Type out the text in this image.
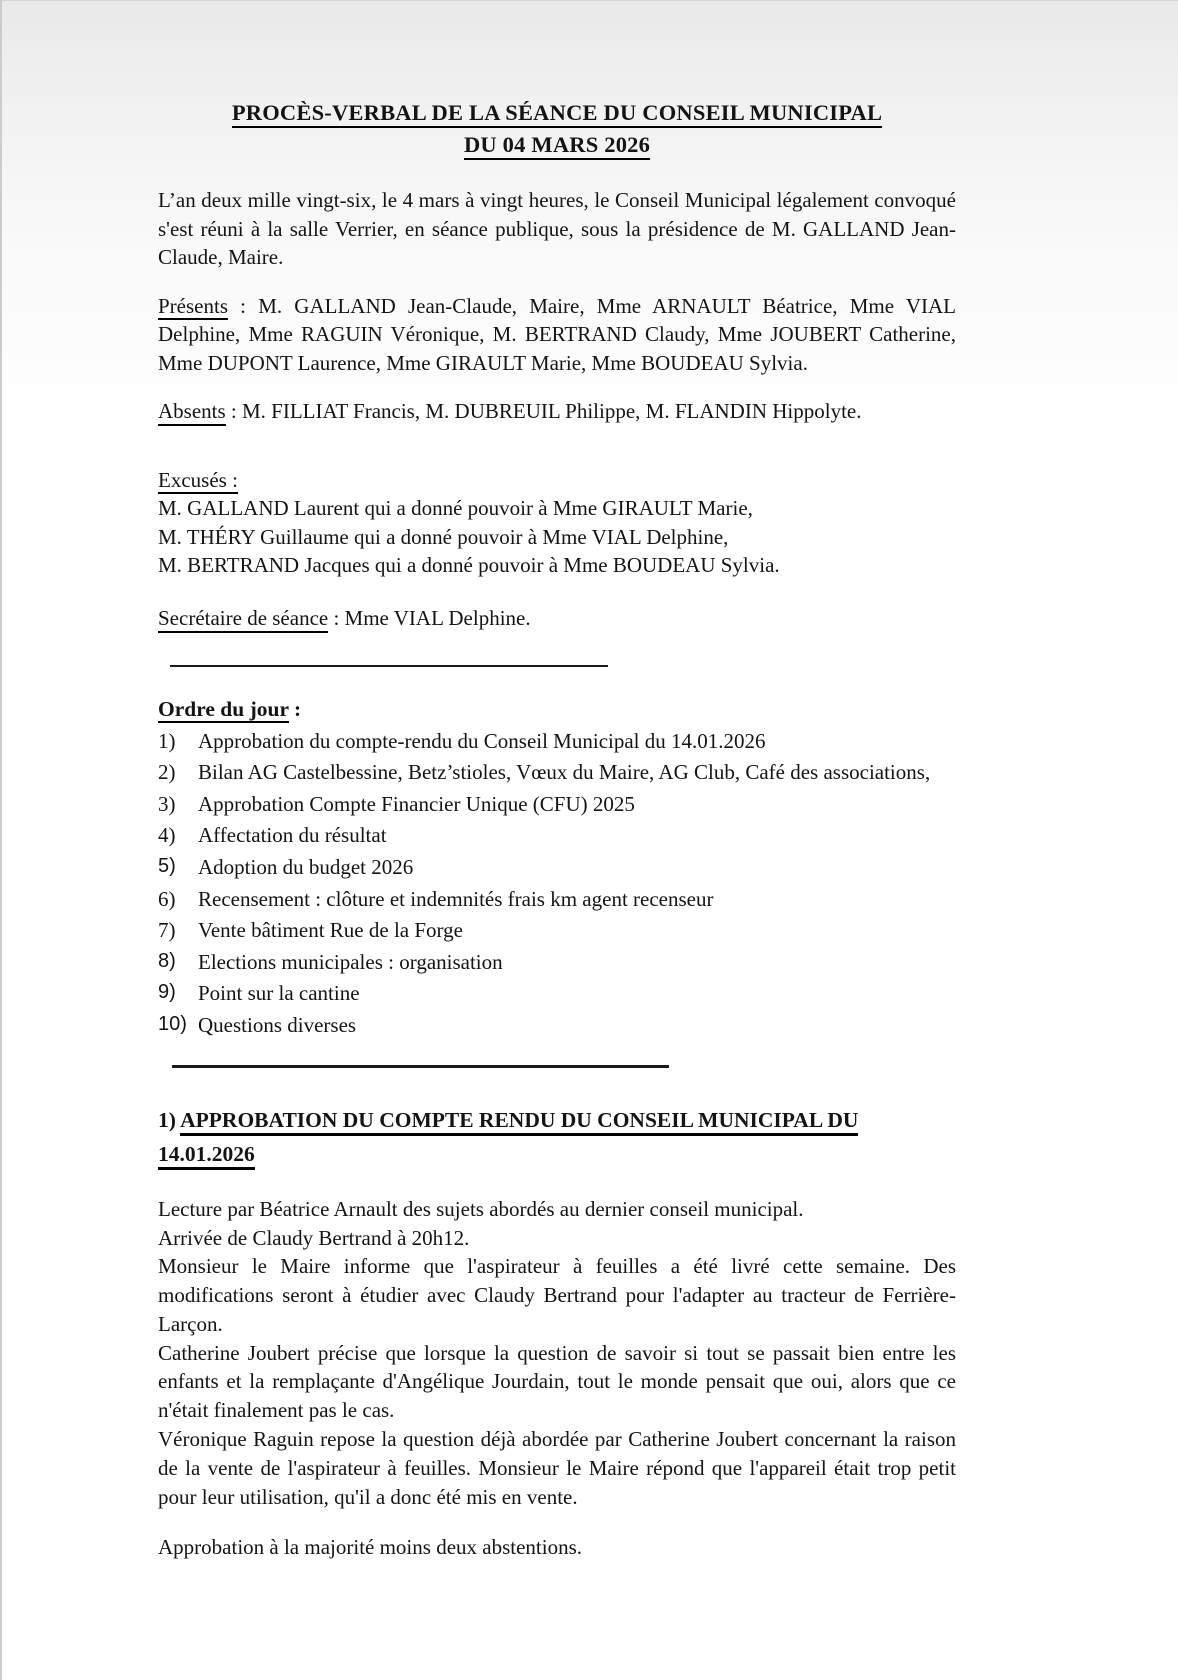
PROCÈS-VERBAL DE LA SÉANCE DU CONSEIL MUNICIPAL
DU 04 MARS 2026

L’an deux mille vingt-six, le 4 mars à vingt heures, le Conseil Municipal légalement convoqué s'est réuni à la salle Verrier, en séance publique, sous la présidence de M. GALLAND Jean-Claude, Maire.

Présents : M. GALLAND Jean-Claude, Maire, Mme ARNAULT Béatrice, Mme VIAL Delphine, Mme RAGUIN Véronique, M. BERTRAND Claudy, Mme JOUBERT Catherine, Mme DUPONT Laurence, Mme GIRAULT Marie, Mme BOUDEAU Sylvia.

Absents : M. FILLIAT Francis, M. DUBREUIL Philippe, M. FLANDIN Hippolyte.

Excusés :
M. GALLAND Laurent qui a donné pouvoir à Mme GIRAULT Marie,
M. THÉRY Guillaume qui a donné pouvoir à Mme VIAL Delphine,
M. BERTRAND Jacques qui a donné pouvoir à Mme BOUDEAU Sylvia.

Secrétaire de séance : Mme VIAL Delphine.

Ordre du jour :
1)	Approbation du compte-rendu du Conseil Municipal du 14.01.2026
2)	Bilan AG Castelbessine, Betz’stioles, Vœux du Maire, AG Club, Café des associations,
3)	Approbation Compte Financier Unique (CFU) 2025
4)	Affectation du résultat
5)	Adoption du budget 2026
6)	Recensement : clôture et indemnités frais km agent recenseur
7)	Vente bâtiment Rue de la Forge
8)	Elections municipales : organisation
9)	Point sur la cantine
10) Questions diverses
1) APPROBATION DU COMPTE RENDU DU CONSEIL MUNICIPAL DU 14.01.2026
Lecture par Béatrice Arnault des sujets abordés au dernier conseil municipal.
Arrivée de Claudy Bertrand à 20h12.
Monsieur le Maire informe que l'aspirateur à feuilles a été livré cette semaine. Des modifications seront à étudier avec Claudy Bertrand pour l'adapter au tracteur de Ferrière-Larçon.
Catherine Joubert précise que lorsque la question de savoir si tout se passait bien entre les enfants et la remplaçante d'Angélique Jourdain, tout le monde pensait que oui, alors que ce n'était finalement pas le cas.
Véronique Raguin repose la question déjà abordée par Catherine Joubert concernant la raison de la vente de l'aspirateur à feuilles. Monsieur le Maire répond que l'appareil était trop petit pour leur utilisation, qu'il a donc été mis en vente.

Approbation à la majorité moins deux abstentions.
